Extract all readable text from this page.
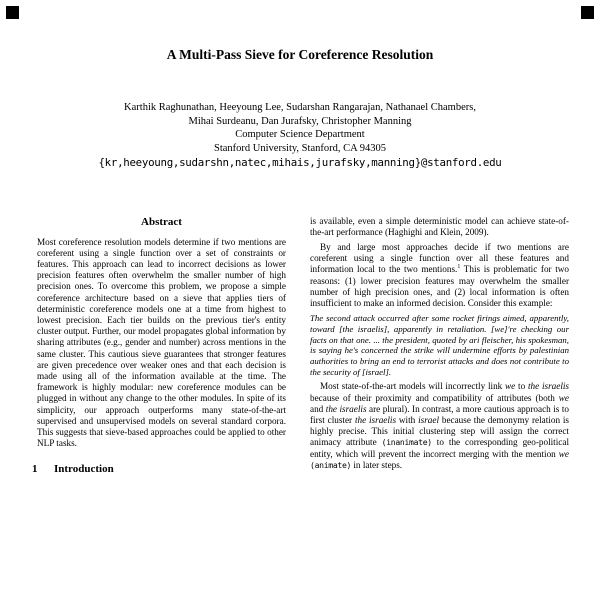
A Multi-Pass Sieve for Coreference Resolution
Karthik Raghunathan, Heeyoung Lee, Sudarshan Rangarajan, Nathanael Chambers,
Mihai Surdeanu, Dan Jurafsky, Christopher Manning
Computer Science Department
Stanford University, Stanford, CA 94305
{kr,heeyoung,sudarshn,natec,mihais,jurafsky,manning}@stanford.edu
Abstract

Most coreference resolution models determine if two mentions are coreferent using a single function over a set of constraints or features. This approach can lead to incorrect decisions as lower precision features often overwhelm the smaller number of high precision ones. To overcome this problem, we propose a simple coreference architecture based on a sieve that applies tiers of deterministic coreference models one at a time from highest to lowest precision. Each tier builds on the previous tier's entity cluster output. Further, our model propagates global information by sharing attributes (e.g., gender and number) across mentions in the same cluster. This cautious sieve guarantees that stronger features are given precedence over weaker ones and that each decision is made using all of the information available at the time. The framework is highly modular: new coreference modules can be plugged in without any change to the other modules. In spite of its simplicity, our approach outperforms many state-of-the-art supervised and unsupervised models on several standard corpora. This suggests that sieve-based approaches could be applied to other NLP tasks.

1 Introduction

is available, even a simple deterministic model can achieve state-of-the-art performance (Haghighi and Klein, 2009).

By and large most approaches decide if two mentions are coreferent using a single function over all these features and information local to the two mentions.$^1$ This is problematic for two reasons: (1) lower precision features may overwhelm the smaller number of high precision ones, and (2) local information is often insufficient to make an informed decision. Consider this example:

The second attack occurred after some rocket firings aimed, apparently, toward [the israelis], apparently in retaliation. [we]'re checking our facts on that one. ... the president, quoted by ari fleischer, his spokesman, is saying he's concerned the strike will undermine efforts by palestinian authorities to bring an end to terrorist attacks and does not contribute to the security of [israel].

Most state-of-the-art models will incorrectly link we to the israelis because of their proximity and compatibility of attributes (both we and the israelis are plural). In contrast, a more cautious approach is to first cluster the israelis with israel because the demonymy relation is highly precise. This initial clustering step will assign the correct animacy attribute (inanimate) to the corresponding geo-political entity, which will prevent the incorrect merging with the mention we (animate) in later steps.
